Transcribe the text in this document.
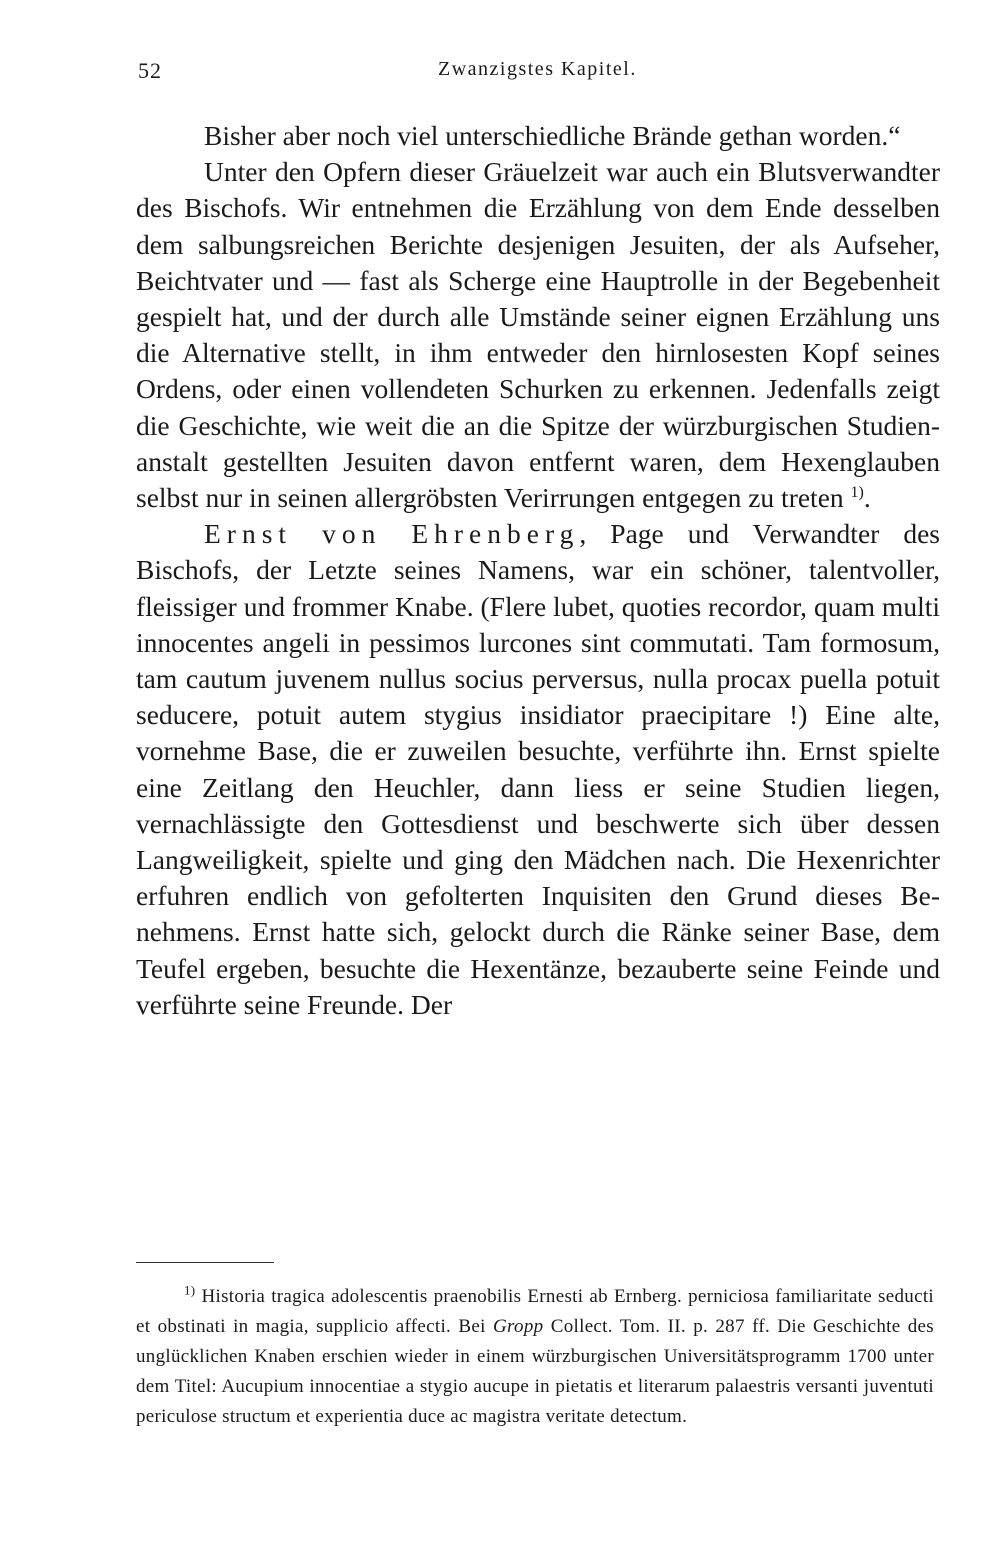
52	Zwanzigstes Kapitel.

Bisher aber noch viel unterschiedliche Brände gethan worden.“

Unter den Opfern dieser Gräuelzeit war auch ein Blutsverwandter des Bischofs. Wir entnehmen die Erzählung von dem Ende desselben dem salbungsreichen Berichte desjenigen Jesuiten, der als Aufseher, Beichtvater und — fast als Scherge eine Hauptrolle in der Begebenheit gespielt hat, und der durch alle Umstände seiner eignen Erzählung uns die Alternative stellt, in ihm entweder den hirnlosesten Kopf seines Ordens, oder einen vollendeten Schurken zu erkennen. Jedenfalls zeigt die Geschichte, wie weit die an die Spitze der würzburgischen Studienanstalt gestellten Jesuiten davon entfernt waren, dem Hexenglauben selbst nur in seinen allergröbsten Verirrungen entgegen zu treten $^{1)}$.

Ernst von Ehrenberg, Page und Verwandter des Bischofs, der Letzte seines Namens, war ein schöner, talentvoller, fleissiger und frommer Knabe. (Flere lubet, quoties recordor, quam multi innocentes angeli in pessimos lurcones sint commutati. Tam formosum, tam cautum juvenem nullus socius perversus, nulla procax puella potuit seducere, potuit autem stygius insidiator praecipitare !) Eine alte, vornehme Base, die er zuweilen besuchte, verführte ihn. Ernst spielte eine Zeitlang den Heuchler, dann liess er seine Studien liegen, vernachlässigte den Gottesdienst und beschwerte sich über dessen Langweiligkeit, spielte und ging den Mädchen nach. Die Hexenrichter erfuhren endlich von gefolterten Inquisiten den Grund dieses Benehmens. Ernst hatte sich, gelockt durch die Ränke seiner Base, dem Teufel ergeben, besuchte die Hexentänze, bezauberte seine Feinde und verführte seine Freunde. Der

$^{1)}$ Historia tragica adolescentis praenobilis Ernesti ab Ernberg. perniciosa familiaritate seducti et obstinati in magia, supplicio affecti. Bei Gropp Collect. Tom. II. p. 287 ff. Die Geschichte des unglücklichen Knaben erschien wieder in einem würzburgischen Universitätsprogramm 1700 unter dem Titel: Aucupium innocentiae a stygio aucupe in pietatis et literarum palaestris versanti juventuti periculose structum et experientia duce ac magistra veritate detectum.
